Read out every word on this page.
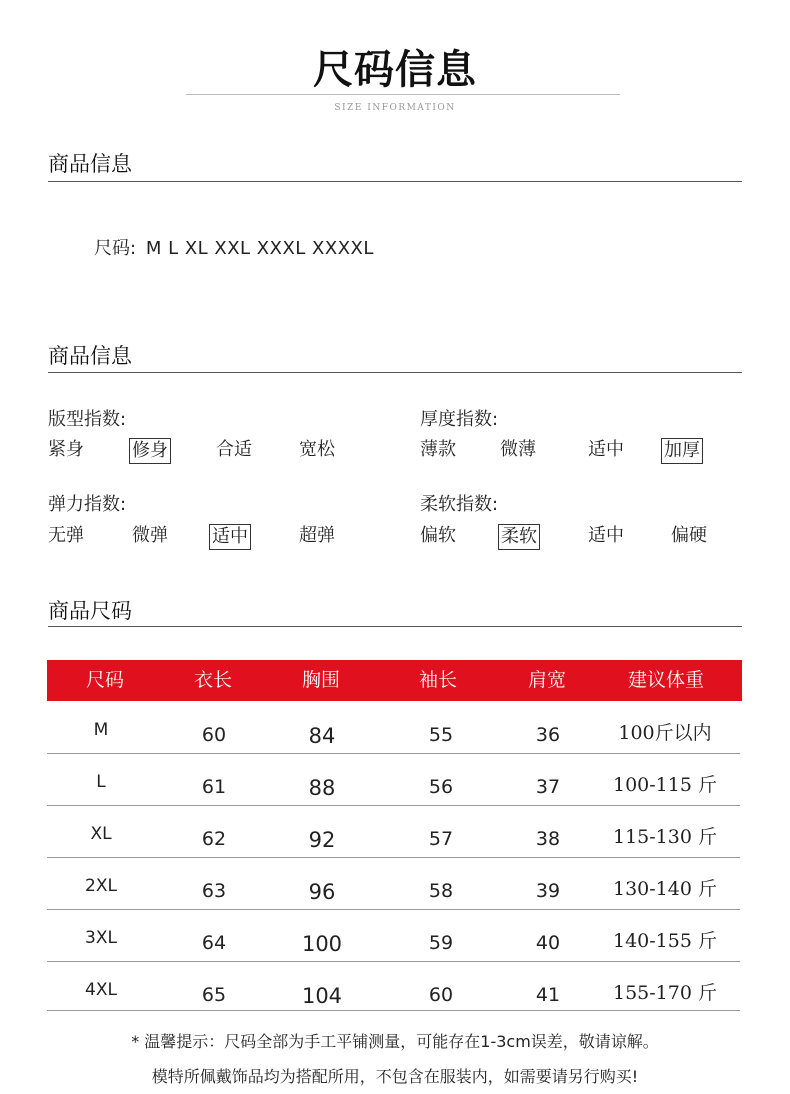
尺码信息
SIZE INFORMATION
商品信息
尺码: M L XL XXL XXXL XXXXL
商品信息
版型指数:
紧身	修身	合适	宽松
厚度指数:
薄款 微薄	适中 加厚
弹力指数:
无弹	微弹 适中	超弹
柔软指数:
偏软	柔软	适中	偏硬
商品尺码
尺码	衣长	胸围	袖长	肩宽	建议体重
M	60	84	55	36	100斤以内
L	61	88	56	37	100-115 斤
XL	62	92	57	38	115-130 斤
2XL	63	96	58	39	130-140 斤
3XL	64	100	59	40	140-155 斤
4XL	65	104	60	41	155-170 斤
* 温馨提示：尺码全部为手工平铺测量，可能存在1-3cm误差，敬请谅解。
模特所佩戴饰品均为搭配所用，不包含在服装内，如需要请另行购买!
